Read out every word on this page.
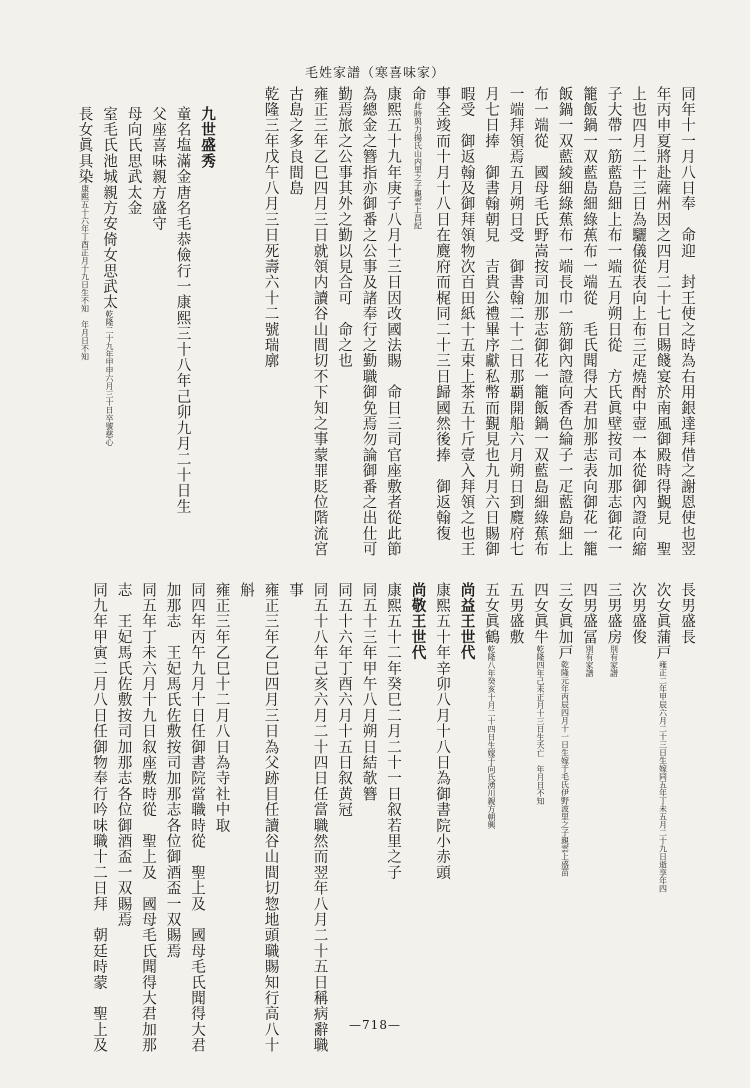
毛姓家譜（寒喜味家）
同年十一月八日奉　命迎　封王使之時為右用銀達拜借之謝恩使也翌
年丙申夏將赴薩州因之四月二十七日賜餞宴於南風御殿時得覲見　聖
上也四月二十三日為驪儀從表向上布三疋燒酎中壺一本從御內證向縮
子大帶一筋藍島細上布一端五月朔日從　方氏眞壁按司加那志御花一
籠飯鍋一双藍島細綠蕉布一端從　毛氏聞得大君加那志表向御花一籠
飯鍋一双藍綾細綠蕉布一端長巾一筋御內證向香色綸子一疋藍島細上
布一端從　國母毛氏野嵩按司加那志御花一籠飯鍋一双藍島細綠蕉布
一端拜領焉五月朔日受　御書翰二十二日那覇開船六月朔日到麑府七
月七日捧　御書翰朝見　吉貴公禮畢序獻私幣而覲見也九月六日賜御
暇受　御返翰及御拜領物次百田紙十五束上茶五十斤壹入拜領之也王
事全竣而十月十八日在麑府而梶同二十三日歸國然後捧　御返翰復
命此時與力揚氏山内里之子親雲上昌紀
康熙五十九年庚子八月十三日因改國法賜　命日三司官座敷者從此節
為總金之簪指亦御番之公事及諸奉行之勤職御免焉勿論御番之出仕可
勤焉旅之公事其外之勤以見合可　命之也
雍正三年乙巳四月三日就領内讀谷山間切不下知之事蒙罪貶位階流宮
古島之多良間島
乾隆三年戊午八月三日死壽六十二號瑞廓
九世盛秀
童名塩滿金唐名毛恭儉行一康熙三十八年己卯九月二十日生
父座喜味親方盛守
母向氏思武太金
室毛氏池城親方安倚女思武太乾隆二十九年甲申六月三十日卒號慈心
長女眞具染康熙五十六年丁酉正月十九日生不知　年月日不知
長男盛長
次女眞蒲戸雍正二年甲辰六月二十三日生嫁同五年丁未五月二十九日逝享年四
次男盛俊
三男盛房別有家譜
四男盛冨別有家譜
三女眞加戸乾隆元年丙辰四月十一日生嫁于毛氏伊野波里之子親雲上盛苗
四女眞牛乾隆四年己未正月十三日生夭亡　年月日不知
五男盛敷
五女眞鶴乾隆八年癸亥十月二十四日生嫁于向氏湧川親方朝興
尚益王世代
康熙五十年辛卯八月十八日為御書院小赤頭
尚敬王世代
康熙五十二年癸巳二月二十一日叙若里之子
同五十三年甲午八月朔日結欹簪
同五十六年丁酉六月十五日叙黄冠
同五十八年己亥六月二十四日任當職然而翌年八月二十五日稱病辭職
事
雍正三年乙巳四月三日為父跡目任讀谷山間切惣地頭職賜知行高八十
斛
雍正三年乙巳十二月八日為寺社中取
同四年丙午九月十日任御書院當職時從　聖上及　國母毛氏聞得大君
加那志　王妃馬氏佐敷按司加那志各位御酒盃一双賜焉
同五年丁未六月十九日叙座敷時從　聖上及　國母毛氏聞得大君加那
志　王妃馬氏佐敷按司加那志各位御酒盃一双賜焉
同九年甲寅二月八日任御物奉行吟味職十二日拜　朝廷時蒙　聖上及	—718—
